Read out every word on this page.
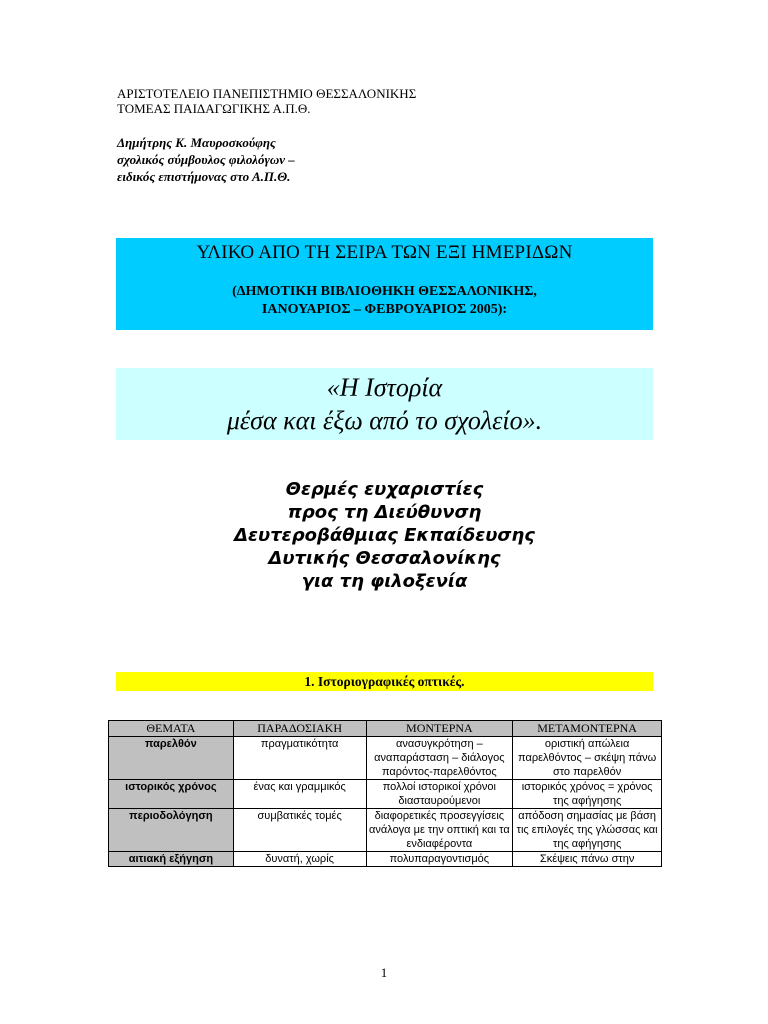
ΑΡΙΣΤΟΤΕΛΕΙΟ ΠΑΝΕΠΙΣΤΗΜΙΟ ΘΕΣΣΑΛΟΝΙΚΗΣ
ΤΟΜΕΑΣ ΠΑΙΔΑΓΩΓΙΚΗΣ Α.Π.Θ.
Δημήτρης Κ. Μαυροσκούφης
σχολικός σύμβουλος φιλολόγων –
ειδικός επιστήμονας στο Α.Π.Θ.
ΥΛΙΚΟ ΑΠΟ ΤΗ ΣΕΙΡΑ ΤΩΝ ΕΞΙ ΗΜΕΡΙΔΩΝ
(ΔΗΜΟΤΙΚΗ ΒΙΒΛΙΟΘΗΚΗ ΘΕΣΣΑΛΟΝΙΚΗΣ,
ΙΑΝΟΥΑΡΙΟΣ – ΦΕΒΡΟΥΑΡΙΟΣ 2005):
«Η Ιστορία
μέσα και έξω από το σχολείο».
Θερμές ευχαριστίες
προς τη Διεύθυνση
Δευτεροβάθμιας Εκπαίδευσης
Δυτικής Θεσσαλονίκης
για τη φιλοξενία
1. Ιστοριογραφικές οπτικές.
ΘΕΜΑΤΑ	ΠΑΡΑΔΟΣΙΑΚΗ	ΜΟΝΤΕΡΝΑ	ΜΕΤΑΜΟΝΤΕΡΝΑ
παρελθόν	πραγματικότητα	ανασυγκρότηση – αναπαράσταση – διάλογος παρόντος-παρελθόντος	οριστική απώλεια παρελθόντος – σκέψη πάνω στο παρελθόν
ιστορικός χρόνος	ένας και γραμμικός	πολλοί ιστορικοί χρόνοι διασταυρούμενοι	ιστορικός χρόνος = χρόνος της αφήγησης
περιοδολόγηση	συμβατικές τομές	διαφορετικές προσεγγίσεις ανάλογα με την οπτική και τα ενδιαφέροντα	απόδοση σημασίας με βάση τις επιλογές της γλώσσας και της αφήγησης
αιτιακή εξήγηση	δυνατή, χωρίς	πολυπαραγοντισμός	Σκέψεις πάνω στην
1
